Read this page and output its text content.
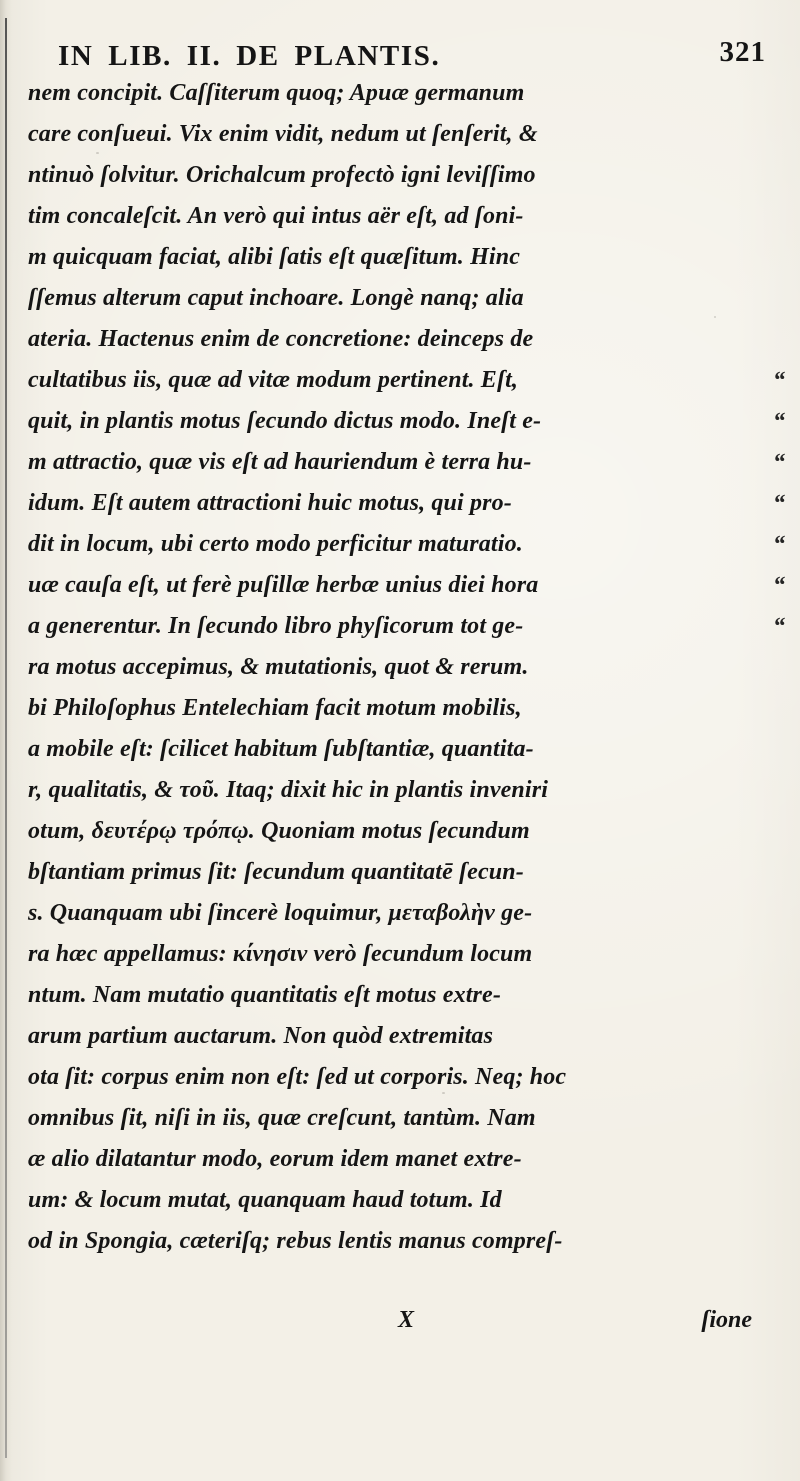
IN LIB. II. DE PLANTIS.	321
nem concipit. Caſſiterum quoq; Apuæ germanum
care conſueui. Vix enim vidit, nedum ut ſenſerit, &
ntinuò ſolvitur. Orichalcum profectò igni leviſſimo
tim concaleſcit. An verò qui intus aër eſt, ad ſoni-
m quicquam faciat, alibi ſatis eſt quæſitum. Hinc
ſſemus alterum caput inchoare. Longè nanq; alia
ateria. Hactenus enim de concretione: deinceps de
cultatibus iis, quæ ad vitæ modum pertinent. Eſt,	“
quit, in plantis motus ſecundo dictus modo. Ineſt e-	“
m attractio, quæ vis eſt ad hauriendum è terra hu-	“
idum. Eſt autem attractioni huic motus, qui pro-	“
dit in locum, ubi certo modo perficitur maturatio.	“
uæ cauſa eſt, ut ferè puſillæ herbæ unius diei hora	“
a generentur. In ſecundo libro phyſicorum tot ge-	“
ra motus accepimus, & mutationis, quot & rerum.
bi Philoſophus Entelechiam facit motum mobilis,
a mobile eſt: ſcilicet habitum ſubſtantiæ, quantita-
r, qualitatis, & τοῦ. Itaq; dixit hic in plantis inveniri
otum, δευτέρῳ τρόπῳ. Quoniam motus ſecundum
bſtantiam primus ſit: ſecundum quantitatē ſecun-
s. Quanquam ubi ſincerè loquimur, μεταβολὴν ge-
ra hæc appellamus: κίνησιν verò ſecundum locum
ntum. Nam mutatio quantitatis eſt motus extre-
arum partium auctarum. Non quòd extremitas
ota ſit: corpus enim non eſt: ſed ut corporis. Neq; hoc
omnibus ſit, niſi in iis, quæ creſcunt, tantùm. Nam
æ alio dilatantur modo, eorum idem manet extre-
um: & locum mutat, quanquam haud totum. Id
od in Spongia, cæteriſq; rebus lentis manus compreſ-
X	ſione
